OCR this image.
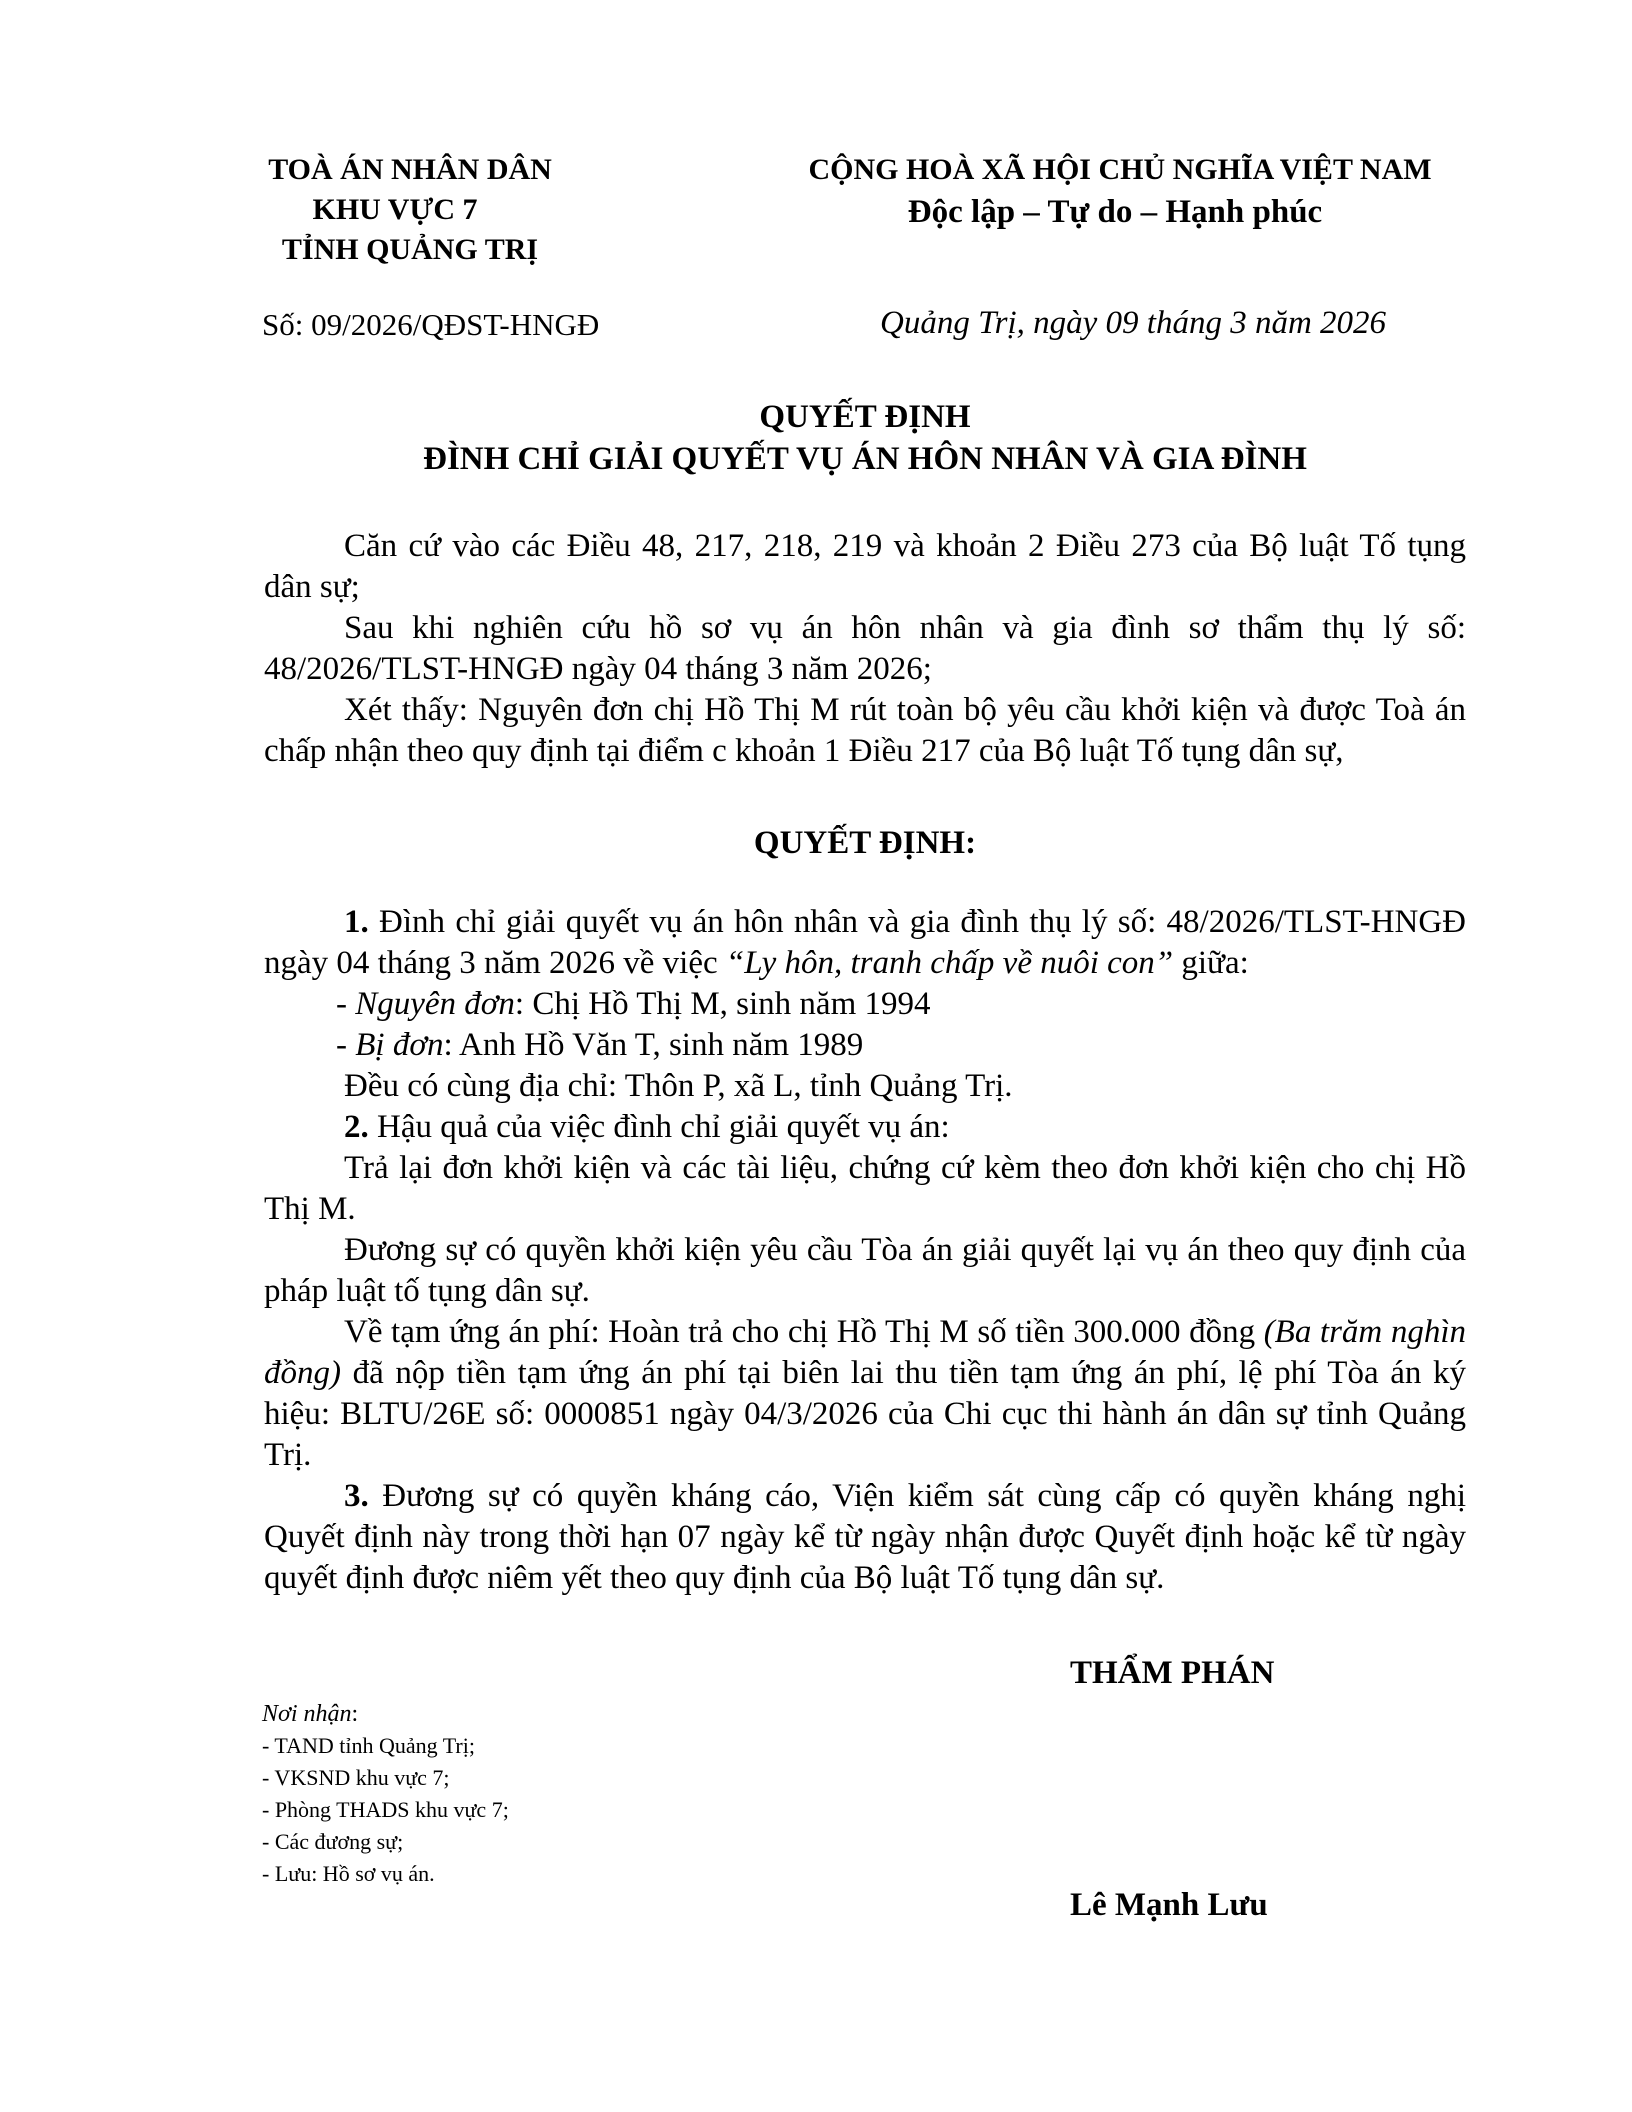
TOÀ ÁN NHÂN DÂN
KHU VỰC 7
TỈNH QUẢNG TRỊ
CỘNG HOÀ XÃ HỘI CHỦ NGHĨA VIỆT NAM
Độc lập – Tự do – Hạnh phúc
Số: 09/2026/QĐST-HNGĐ	Quảng Trị, ngày 09 tháng 3 năm 2026
QUYẾT ĐỊNH
ĐÌNH CHỈ GIẢI QUYẾT VỤ ÁN HÔN NHÂN VÀ GIA ĐÌNH

Căn cứ vào các Điều 48, 217, 218, 219 và khoản 2 Điều 273 của Bộ luật Tố tụng dân sự;

Sau khi nghiên cứu hồ sơ vụ án hôn nhân và gia đình sơ thẩm thụ lý số: 48/2026/TLST-HNGĐ ngày 04 tháng 3 năm 2026;

Xét thấy: Nguyên đơn chị Hồ Thị M rút toàn bộ yêu cầu khởi kiện và được Toà án chấp nhận theo quy định tại điểm c khoản 1 Điều 217 của Bộ luật Tố tụng dân sự,

QUYẾT ĐỊNH:

1. Đình chỉ giải quyết vụ án hôn nhân và gia đình thụ lý số: 48/2026/TLST-HNGĐ ngày 04 tháng 3 năm 2026 về việc “Ly hôn, tranh chấp về nuôi con” giữa:

- Nguyên đơn: Chị Hồ Thị M, sinh năm 1994
- Bị đơn: Anh Hồ Văn T, sinh năm 1989
Đều có cùng địa chỉ: Thôn P, xã L, tỉnh Quảng Trị.
2. Hậu quả của việc đình chỉ giải quyết vụ án:

Trả lại đơn khởi kiện và các tài liệu, chứng cứ kèm theo đơn khởi kiện cho chị Hồ Thị M.

Đương sự có quyền khởi kiện yêu cầu Tòa án giải quyết lại vụ án theo quy định của pháp luật tố tụng dân sự.

Về tạm ứng án phí: Hoàn trả cho chị Hồ Thị M số tiền 300.000 đồng (Ba trăm nghìn đồng) đã nộp tiền tạm ứng án phí tại biên lai thu tiền tạm ứng án phí, lệ phí Tòa án ký hiệu: BLTU/26E số: 0000851 ngày 04/3/2026 của Chi cục thi hành án dân sự tỉnh Quảng Trị.

3. Đương sự có quyền kháng cáo, Viện kiểm sát cùng cấp có quyền kháng nghị Quyết định này trong thời hạn 07 ngày kể từ ngày nhận được Quyết định hoặc kể từ ngày quyết định được niêm yết theo quy định của Bộ luật Tố tụng dân sự.

THẨM PHÁN
Lê Mạnh Lưu
Nơi nhận:
- TAND tỉnh Quảng Trị;
- VKSND khu vực 7;
- Phòng THADS khu vực 7;
- Các đương sự;
- Lưu: Hồ sơ vụ án.
